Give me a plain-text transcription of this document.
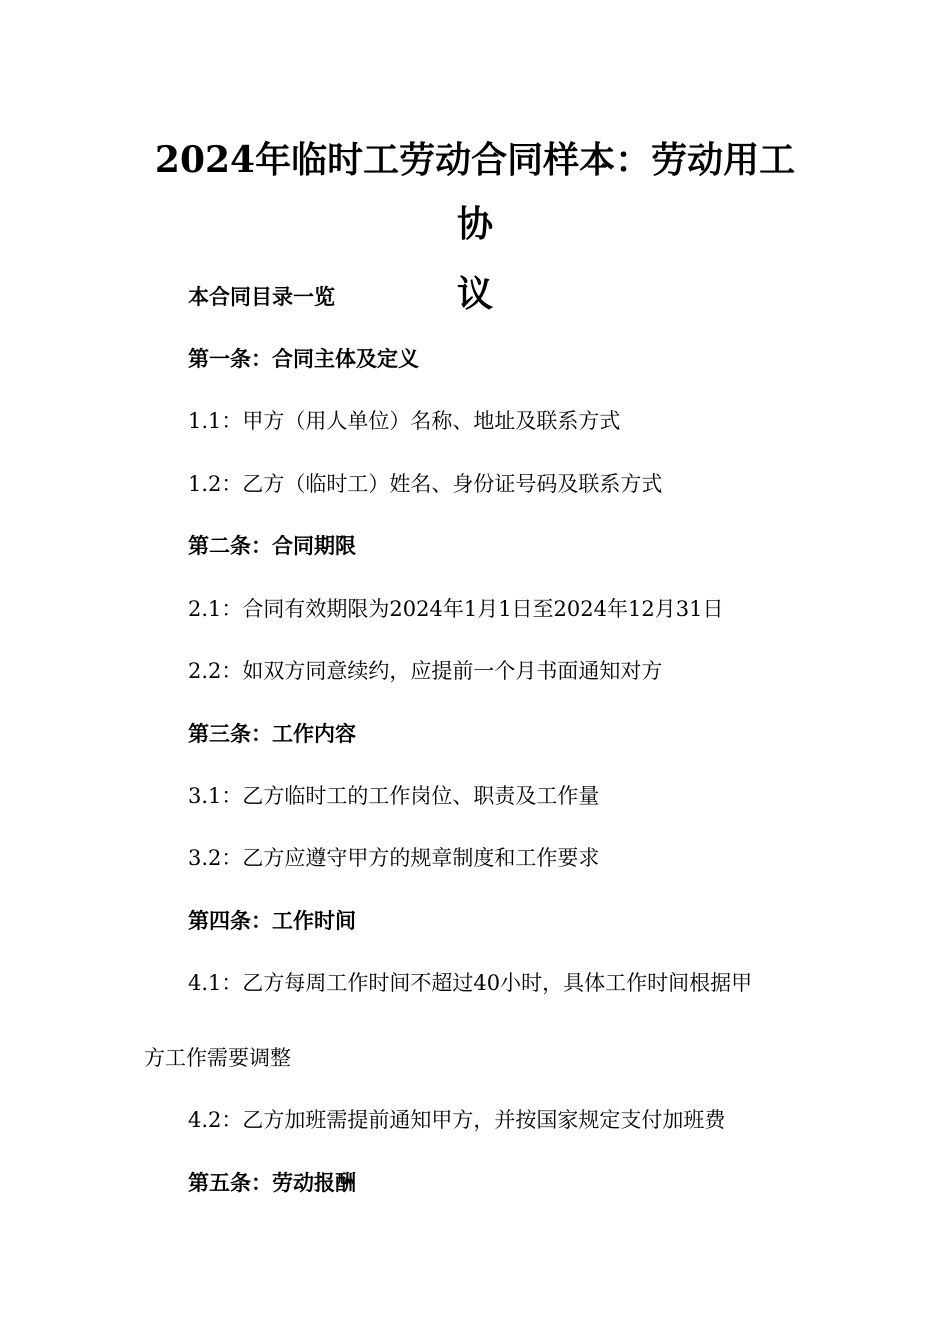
2024年临时工劳动合同样本：劳动用工协
议

本合同目录一览

第一条：合同主体及定义

1.1：甲方（用人单位）名称、地址及联系方式

1.2：乙方（临时工）姓名、身份证号码及联系方式

第二条：合同期限

2.1：合同有效期限为2024年1月1日至2024年12月31日

2.2：如双方同意续约，应提前一个月书面通知对方

第三条：工作内容

3.1：乙方临时工的工作岗位、职责及工作量

3.2：乙方应遵守甲方的规章制度和工作要求

第四条：工作时间

4.1：乙方每周工作时间不超过40小时，具体工作时间根据甲

方工作需要调整

4.2：乙方加班需提前通知甲方，并按国家规定支付加班费

第五条：劳动报酬
